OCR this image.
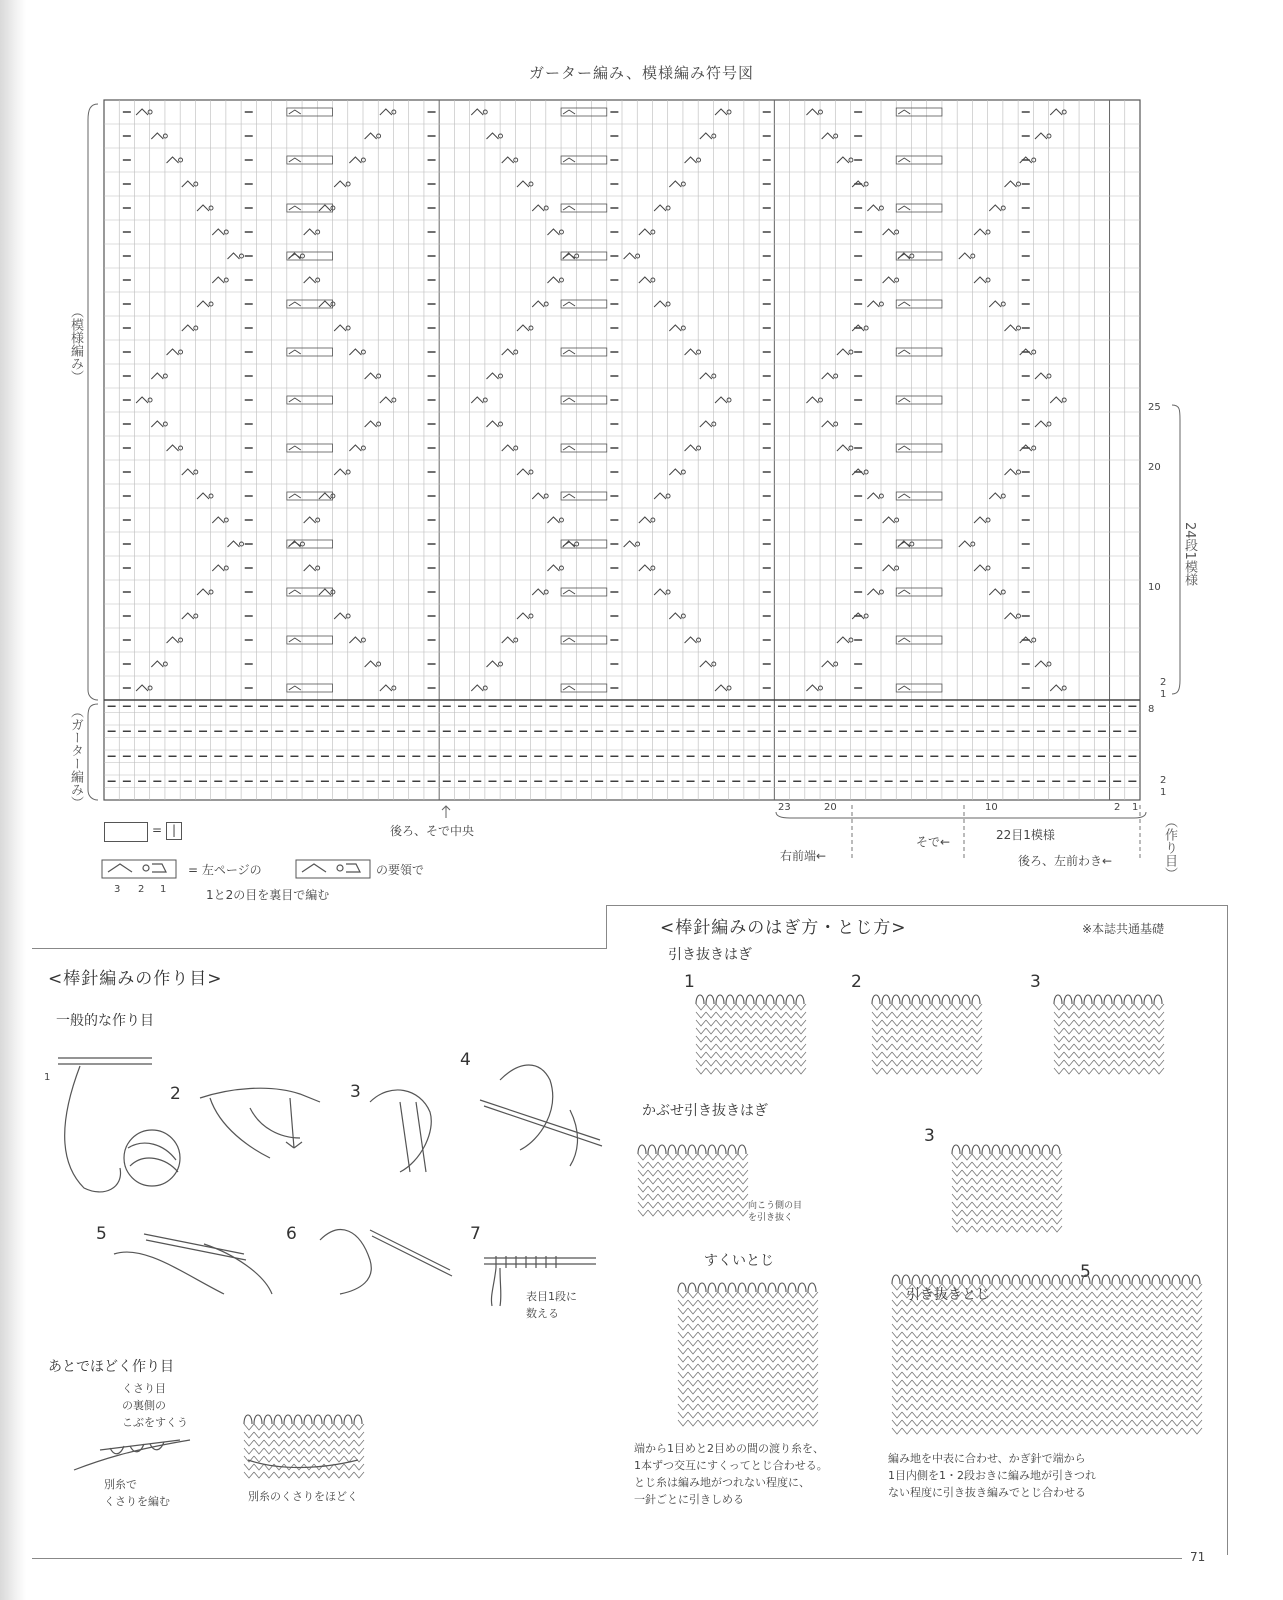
ガーター編み、模様編み符号図
（模様編み）
（ガーター編み）
25
20
10
2
1
8
2
1
24段1模様
23	20	10	2 1
（作り目）
後ろ、そで中央
右前端←
そで←	22目1模様
後ろ、左前わき←
= |
3 2 1
= 左ページの	の要領で
1と2の目を裏目で編む
71
<棒針編みのはぎ方・とじ方>	※本誌共通基礎
引き抜きはぎ
1	2	3
かぶせ引き抜きはぎ
向こう側の目を引き抜く
3
すくいとじ
5
引き抜きとじ
端から1目めと2目めの間の渡り糸を、
1本ずつ交互にすくってとじ合わせる。
とじ糸は編み地がつれない程度に、
一針ごとに引きしめる
編み地を中表に合わせ、かぎ針で端から
1目内側を1・2段おきに編み地が引きつれ
ない程度に引き抜き編みでとじ合わせる
<棒針編みの作り目>
一般的な作り目
1
2	3
4
5	6	7
表目1段に
数える
あとでほどく作り目
くさり目
の裏側の
こぶをすくう
別糸で
くさりを編む	別糸のくさりをほどく
